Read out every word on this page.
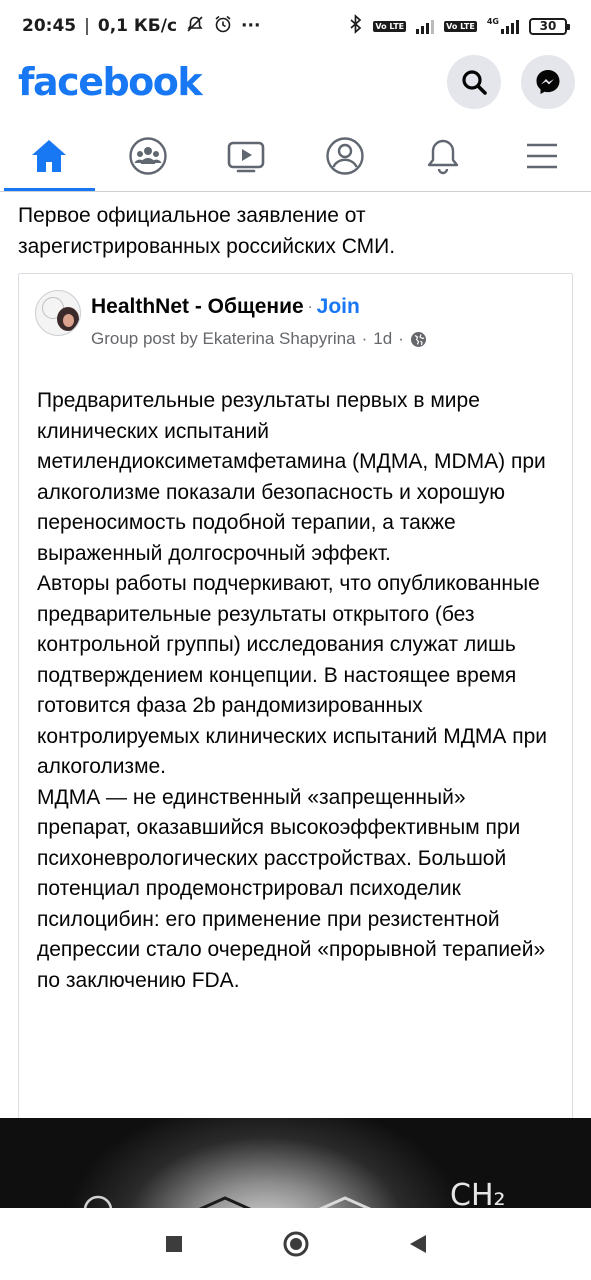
20:45 | 0,1 КБ/с	···	Vo LTE	Vo LTE
4G	30
facebook
Первое официальное заявление от зарегистрированных российских СМИ.
HealthNet - Общение · Join
Group post by Ekaterina Shapyrina · 1d ·

Предварительные результаты первых в мире клинических испытаний метилендиоксиметамфетамина (МДМА, MDMA) при алкоголизме показали безопасность и хорошую переносимость подобной терапии, а также выраженный долгосрочный эффект.

Авторы работы подчеркивают, что опубликованные предварительные результаты открытого (без контрольной группы) исследования служат лишь подтверждением концепции. В настоящее время готовится фаза 2b рандомизированных контролируемых клинических испытаний МДМА при алкоголизме.

МДМА — не единственный «запрещенный» препарат, оказавшийся высокоэффективным при психоневрологических расстройствах. Большой потенциал продемонстрировал психоделик псилоцибин: его применение при резистентной депрессии стало очередной «прорывной терапией» по заключению FDA.

CH₂
